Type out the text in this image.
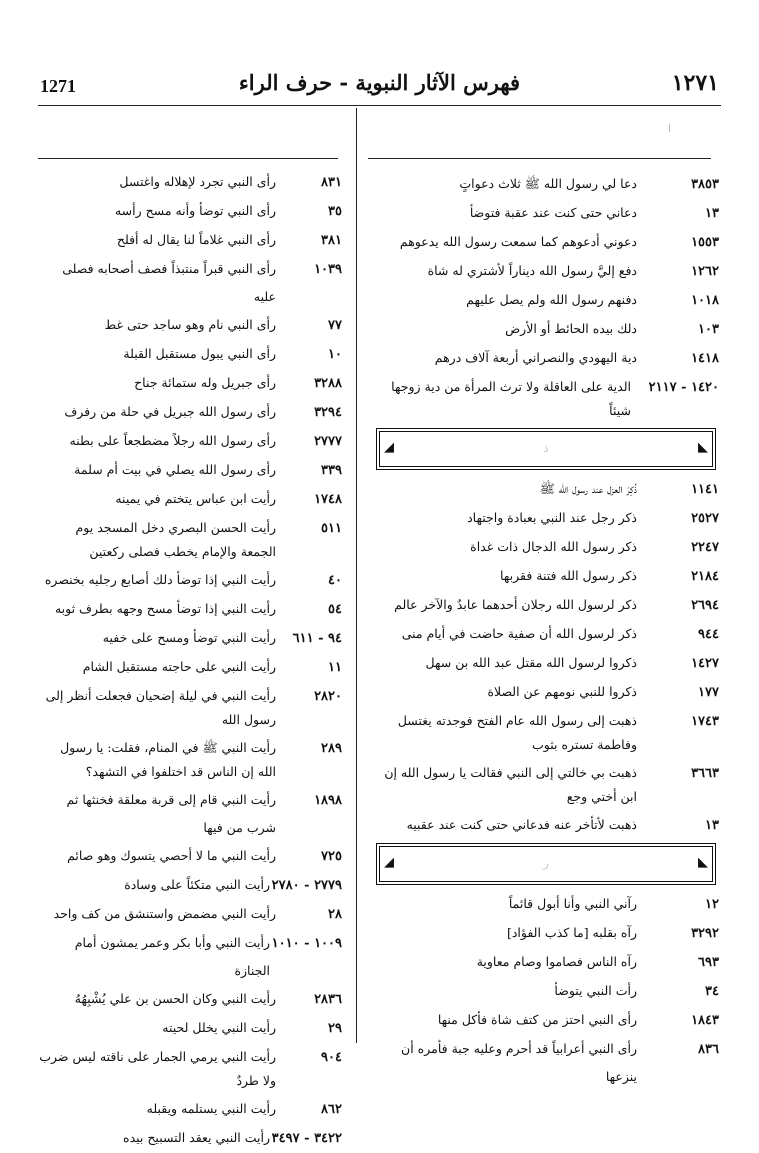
١٢٧١
فهرس الآثار النبوية - حرف الراء
1271
ا
٣٨٥٣
دعا لي رسول الله ﷺ ثلاث دعواتٍ
١٣
دعاني حتى كنت عند عقبة فتوضأ
١٥٥٣
دعوني أدعوهم كما سمعت رسول الله يدعوهم
١٢٦٢
دفع إليَّ رسول الله ديناراً لأشتري له شاة
١٠١٨
دفنهم رسول الله ولم يصل عليهم
١٠٣
دلك بيده الحائط أو الأرض
١٤١٨
دية اليهودي والنصراني أربعة آلاف درهم
١٤٢٠ - ٢١١٧
الدية على العاقلة ولا ترث المرأة من دية زوجها شيئاً
◣
ذ
◢
١١٤١
ذُكِرَ العزل عند رسول الله ﷺ
٢٥٢٧
ذكر رجل عند النبي بعبادة واجتهاد
٢٢٤٧
ذكر رسول الله الدجال ذات غداة
٢١٨٤
ذكر رسول الله فتنة فقربها
٢٦٩٤
ذكر لرسول الله رجلان أحدهما عابدٌ والآخر عالم
٩٤٤
ذكر لرسول الله أن صفية حاضت في أيام منى
١٤٢٧
ذكروا لرسول الله مقتل عبد الله بن سهل
١٧٧
ذكروا للنبي نومهم عن الصلاة
١٧٤٣
ذهبت إلى رسول الله عام الفتح فوجدته يغتسل وفاطمة تستره بثوب
٣٦٦٣
ذهبت بي خالتي إلى النبي فقالت يا رسول الله إن ابن أختي وجع
١٣
ذهبت لأتأخر عنه فدعاني حتى كنت عند عقبيه
◣
ر
◢
١٢
رآني النبي وأنا أبول قائماً
٣٢٩٢
رآه بقلبه [ما كذب الفؤاد]
٦٩٣
رآه الناس فصاموا وصام معاوية
٣٤
رأت النبي يتوضأ
١٨٤٣
رأى النبي احتز من كتف شاة فأكل منها
٨٣٦
رأى النبي أعرابياً قد أحرم وعليه جبة فأمره أن ينزعها
٨٣١
رأى النبي تجرد لإهلاله واغتسل
٣٥
رأى النبي توضأ وأنه مسح رأسه
٣٨١
رأى النبي غلاماً لنا يقال له أفلح
١٠٣٩
رأى النبي قبراً منتبذاً فصف أصحابه فصلى عليه
٧٧
رأى النبي نام وهو ساجد حتى غط
١٠
رأى النبي يبول مستقبل القبلة
٣٢٨٨
رأى جبريل وله ستمائة جناح
٣٢٩٤
رأى رسول الله جبريل في حلة من رفرف
٢٧٧٧
رأى رسول الله رجلاً مضطجعاً على بطنه
٣٣٩
رأى رسول الله يصلي في بيت أم سلمة
١٧٤٨
رأيت ابن عباس يتختم في يمينه
٥١١
رأيت الحسن البصري دخل المسجد يوم الجمعة والإمام يخطب فصلى ركعتين
٤٠
رأيت النبي إذا توضأ دلك أصابع رجليه بخنصره
٥٤
رأيت النبي إذا توضأ مسح وجهه بطرف ثوبه
٩٤ - ٦١١
رأيت النبي توضأ ومسح على خفيه
١١
رأيت النبي على حاجته مستقبل الشام
٢٨٢٠
رأيت النبي في ليلة إضحيان فجعلت أنظر إلى رسول الله
٢٨٩
رأيت النبي ﷺ في المنام، فقلت: يا رسول الله إن الناس قد اختلفوا في التشهد؟
١٨٩٨
رأيت النبي قام إلى قربة معلقة فخنثها ثم شرب من فيها
٧٢٥
رأيت النبي ما لا أحصي يتسوك وهو صائم
٢٧٧٩ - ٢٧٨٠
رأيت النبي متكئاً على وسادة
٢٨
رأيت النبي مضمض واستنشق من كف واحد
١٠٠٩ - ١٠١٠
رأيت النبي وأبا بكر وعمر يمشون أمام الجنازة
٢٨٣٦
رأيت النبي وكان الحسن بن علي يُشْبِهُهُ
٢٩
رأيت النبي يخلل لحيته
٩٠٤
رأيت النبي يرمي الجمار على ناقته ليس ضرب ولا طردٌ
٨٦٢
رأيت النبي يستلمه ويقبله
٣٤٢٢ - ٣٤٩٧
رأيت النبي يعقد التسبيح بيده
